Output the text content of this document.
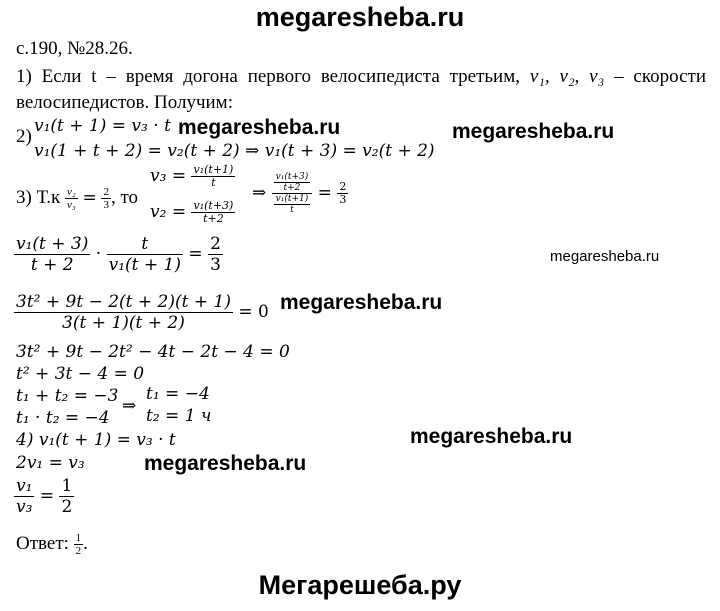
megaresheba.ru
с.190, №28.26.
1) Если t – время догона первого велосипедиста третьим, v₁, v₂, v₃ – скорости велосипедистов. Получим:
2) v₁(t + 1) = v₃ · t megaresheba.ru	megaresheba.ru
v₁(1 + t + 2) = v₂(t + 2) ⇒ v₁(t + 3) = v₂(t + 2)
3) $Т.к \frac{\text{v₂}}{\text{v₃}} = \frac{2}{3}$ , то
$v_3 = \frac{\text{v₁(t+1)}}{t}$
$v_2 = \frac{\text{v₁(t+3)}}{t+2}$
⇒ $\frac{\frac{\text{v₁(t+3)}}{t+2}}{\frac{\text{v₁(t+1)}}{t}} = \frac{2}{3}$
$\frac{\text{v₁(t + 3)}}{t + 2} \cdot \frac{t}{\text{v₁(t + 1)}} = \frac{2}{3}$	megaresheba.ru
$\frac{\text{3t² + 9t − 2(t + 2)(t + 1)}}{3(t + 1)(t + 2)} = 0$ megaresheba.ru
3t² + 9t − 2t² − 4t − 2t − 4 = 0
t² + 3t − 4 = 0
t₁ + t₂ = −3
t₁ · t₂ = −4
⇒
t₁ = −4
t₂ = 1 ч
4) v₁(t + 1) = v₃ · t	megaresheba.ru
2v₁ = v₃	megaresheba.ru
$\frac{\text{v₁}}{\text{v₃}} = \frac{1}{2}$
Ответ: $\frac{1}{2}$ .
Мегарешеба.ру
